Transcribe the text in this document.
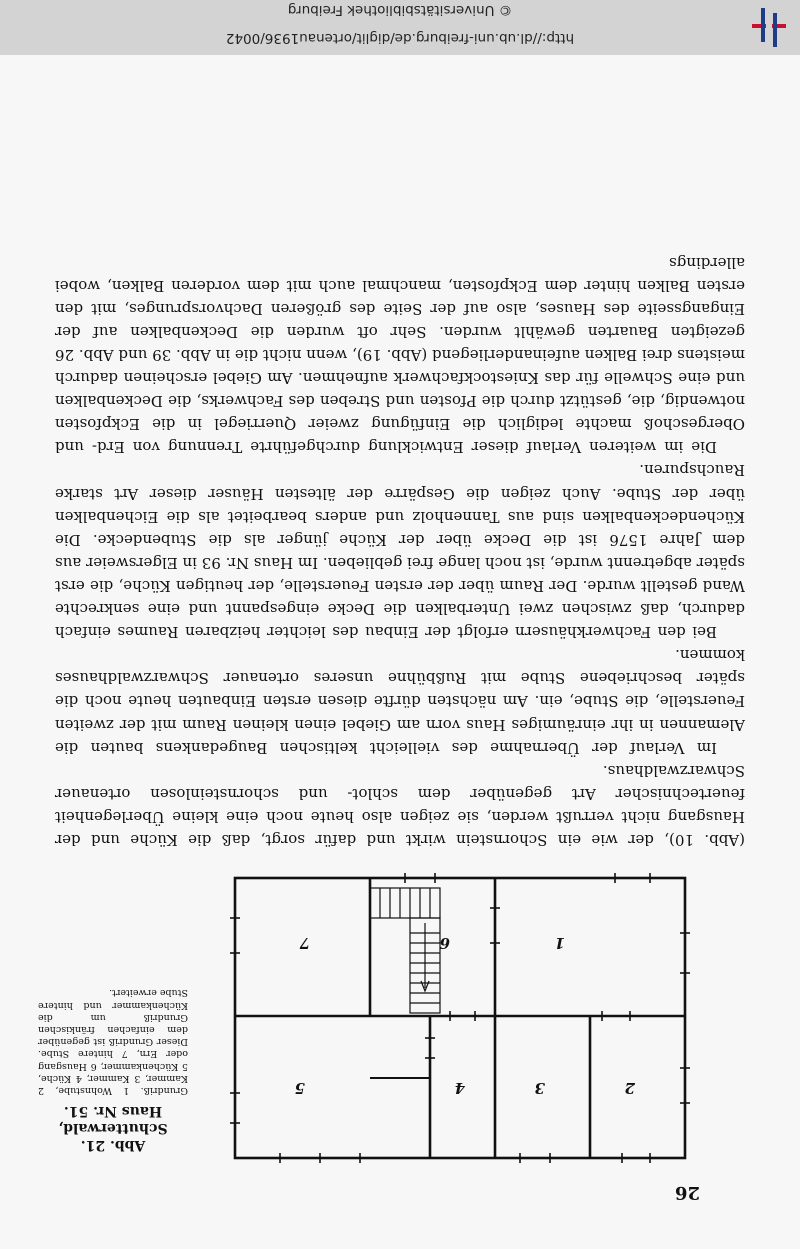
© Universitätsbibliothek Freiburg
http://dl.ub.uni-freiburg.de/diglit/ortenau1936/0042
26
2
3
4
5
1
6
7
Abb. 21.
Schutterwald, Haus Nr. 51.
Grundriß. 1 Wohnstube, 2 Kammer, 3 Kammer, 4 Küche, 5 Küchenkammer, 6 Hausgang oder Ern, 7 hintere Stube. Dieser Grundriß ist gegenüber dem einfachen fränkischen Grundriß um die Küchenkammer und hintere Stube erweitert.

(Abb. 10), der wie ein Schornstein wirkt und dafür sorgt, daß die Küche und der Hausgang nicht verrußt werden, sie zeigen also heute noch eine kleine Überlegenheit feuertechnischer Art gegenüber dem schlot- und schornsteinlosen ortenauer Schwarzwaldhaus.

Im Verlauf der Übernahme des vielleicht keltischen Baugedankens bauten die Alemannen in ihr einräumiges Haus vorn am Giebel einen kleinen Raum mit der zweiten Feuerstelle, die Stube, ein. Am nächsten dürfte diesen ersten Einbauten heute noch die später beschriebene Stube mit Rußbühne unseres ortenauer Schwarzwaldhauses kommen.

Bei den Fachwerkhäusern erfolgt der Einbau des leichter heizbaren Raumes einfach dadurch, daß zwischen zwei Unterbalken die Decke eingespannt und eine senkrechte Wand gestellt wurde. Der Raum über der ersten Feuerstelle, der heutigen Küche, die erst später abgetrennt wurde, ist noch lange frei geblieben. Im Haus Nr. 93 in Elgersweier aus dem Jahre 1576 ist die Decke über der Küche jünger als die Stubendecke. Die Küchendeckenbalken sind aus Tannenholz und anders bearbeitet als die Eichenbalken über der Stube. Auch zeigen die Gespärre der ältesten Häuser dieser Art starke Rauchspuren.

Die im weiteren Verlauf dieser Entwicklung durchgeführte Trennung von Erd- und Obergeschoß machte lediglich die Einfügung zweier Querriegel in die Eckpfosten notwendig, die, gestützt durch die Pfosten und Streben des Fachwerks, die Deckenbalken und eine Schwelle für das Kniestockfachwerk aufnehmen. Am Giebel erscheinen dadurch meistens drei Balken aufeinanderliegend (Abb. 19), wenn nicht die in Abb. 39 und Abb. 26 gezeigten Bauarten gewählt wurden. Sehr oft wurden die Deckenbalken auf der Eingangsseite des Hauses, also auf der Seite des größeren Dachvorsprunges, mit den ersten Balken hinter dem Eckpfosten, manchmal auch mit dem vorderen Balken, wobei allerdings
